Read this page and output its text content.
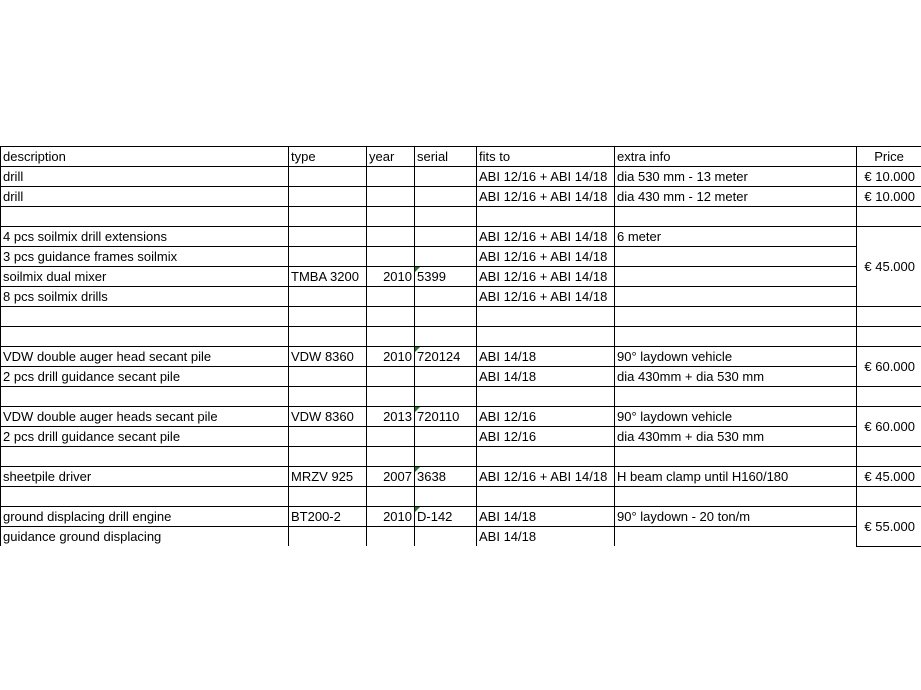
description	type	year	serial	fits to	extra info	Price
drill				ABI 12/16 + ABI 14/18	dia 530 mm - 13 meter	€ 10.000
drill				ABI 12/16 + ABI 14/18	dia 430 mm - 12 meter	€ 10.000

4 pcs soilmix drill extensions				ABI 12/16 + ABI 14/18	6 meter	€ 45.000
3 pcs guidance frames soilmix				ABI 12/16 + ABI 14/18		
soilmix dual mixer	TMBA 3200	2010	5399	ABI 12/16 + ABI 14/18		
8 pcs soilmix drills				ABI 12/16 + ABI 14/18		

VDW double auger head secant pile	VDW 8360	2010	720124	ABI 14/18	90° laydown vehicle	€ 60.000
2 pcs drill guidance secant pile				ABI 14/18	dia 430mm + dia 530 mm	

VDW double auger heads secant pile	VDW 8360	2013	720110	ABI 12/16	90° laydown vehicle	€ 60.000
2 pcs drill guidance secant pile				ABI 12/16	dia 430mm + dia 530 mm	

sheetpile driver	MRZV 925	2007	3638	ABI 12/16 + ABI 14/18	H beam clamp until H160/180	€ 45.000

ground displacing drill engine	BT200-2	2010	D-142	ABI 14/18	90° laydown - 20 ton/m	€ 55.000
guidance ground displacing				ABI 14/18		
